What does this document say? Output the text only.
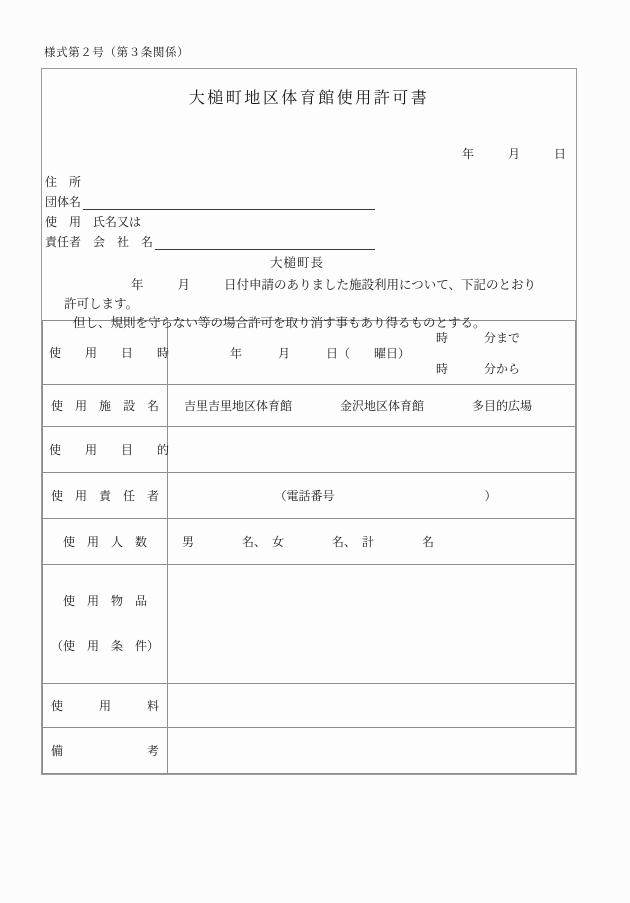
様式第２号（第３条関係）
大槌町地区体育館使用許可書
年	月	日
住　所
団体名
使　用　氏名又は
責任者　会　社　名
大槌町長
年	月	日付申請のありました施設利用について、下記のとおり
許可します。
但し、規則を守らない等の場合許可を取り消す事もあり得るものとする。
使　　用　　日　　時	年　　　月　　　日（　　曜日）
時　　　分から
時　　　分まで

使　用　施　設　名	吉里吉里地区体育館　　　　金沢地区体育館　　　　多目的広場

使　　用　　目　　的	
使　用　責　任　者	（電話番号 ）

使　用　人　数	男　　　　名、　女　　　　名、　計　　　　名

使　用　物　品

（使　用　条　件）	

使　　　用　　　料	
備　　　　　　　考	
